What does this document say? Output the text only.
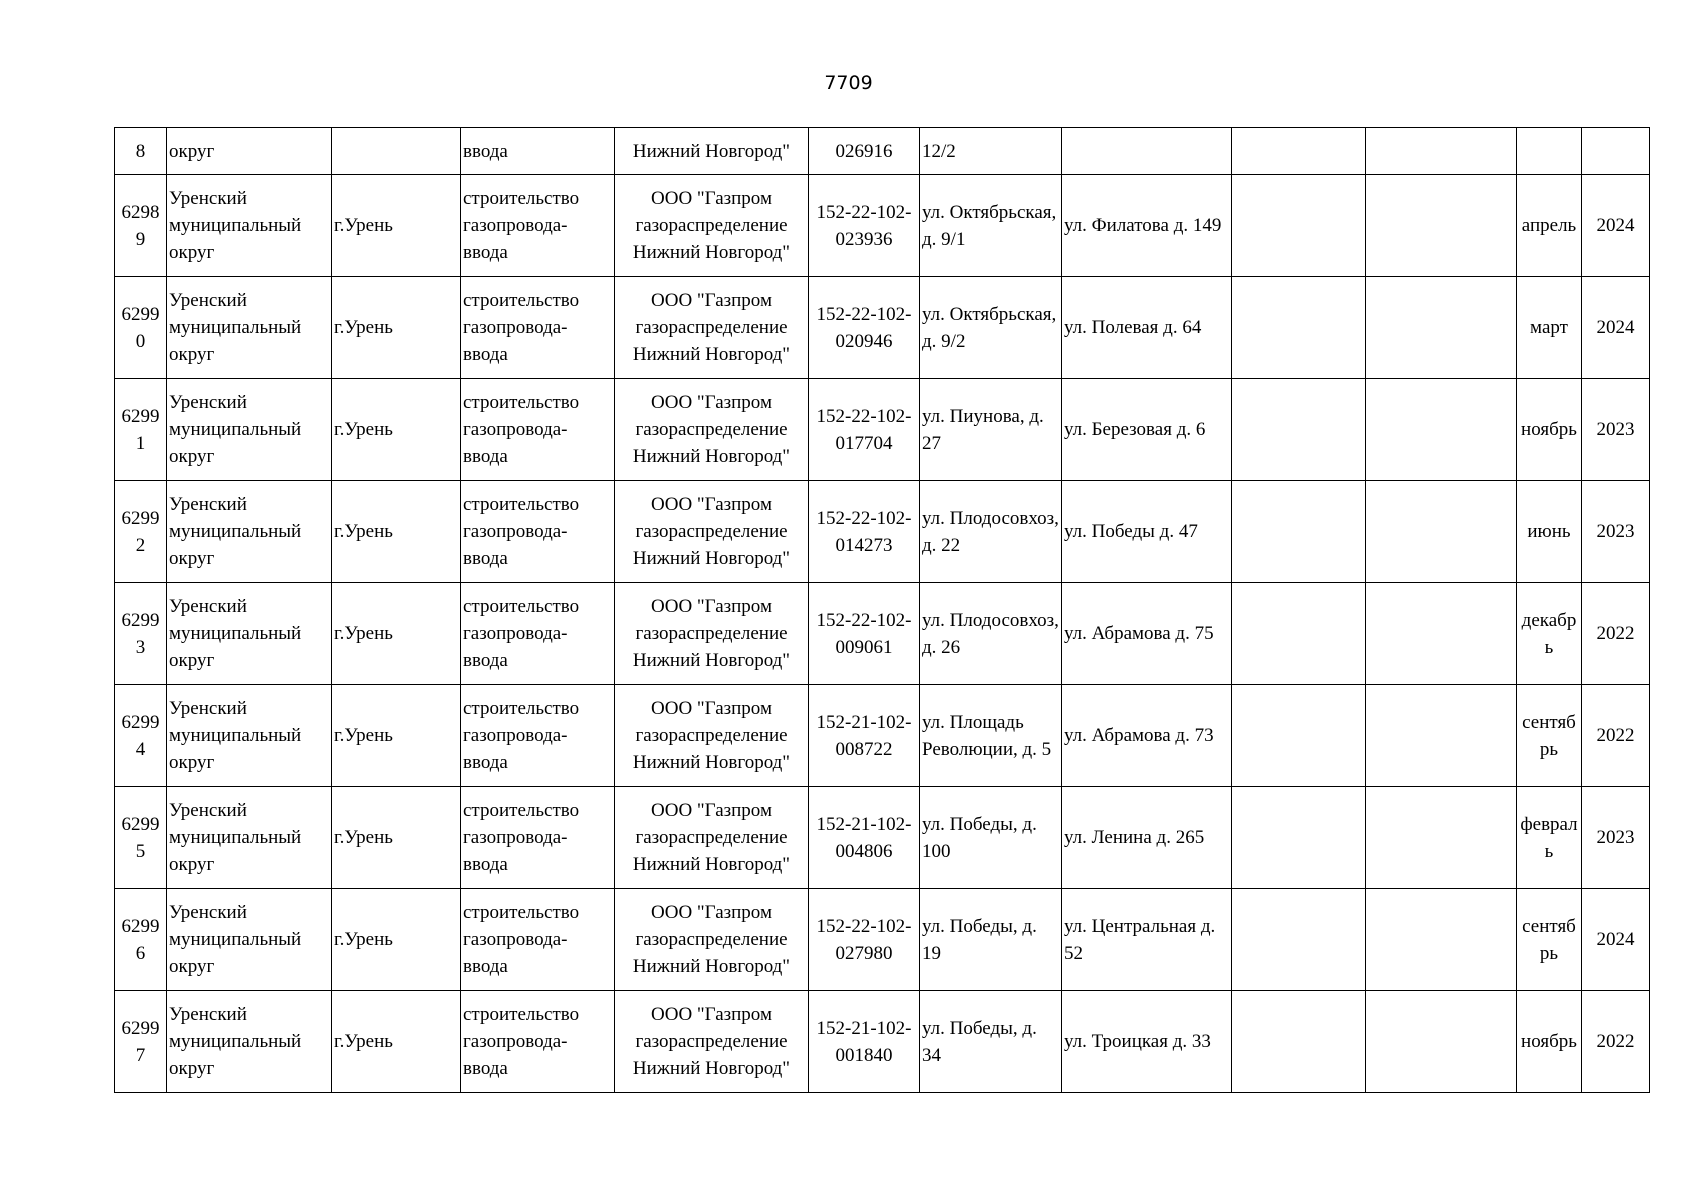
7709
8	округ		ввода	Нижний Новгород"	026916	12/2					
62989	Уренский муниципальный округ	г.Урень	строительство газопровода-ввода	ООО "Газпром газораспределение Нижний Новгород"	152-22-102-023936	ул. Октябрьская, д. 9/1	ул. Филатова д. 149			апрель	2024
62990	Уренский муниципальный округ	г.Урень	строительство газопровода-ввода	ООО "Газпром газораспределение Нижний Новгород"	152-22-102-020946	ул. Октябрьская, д. 9/2	ул. Полевая д. 64			март	2024
62991	Уренский муниципальный округ	г.Урень	строительство газопровода-ввода	ООО "Газпром газораспределение Нижний Новгород"	152-22-102-017704	ул. Пиунова, д. 27	ул. Березовая д. 6			ноябрь	2023
62992	Уренский муниципальный округ	г.Урень	строительство газопровода-ввода	ООО "Газпром газораспределение Нижний Новгород"	152-22-102-014273	ул. Плодосовхоз, д. 22	ул. Победы д. 47			июнь	2023
62993	Уренский муниципальный округ	г.Урень	строительство газопровода-ввода	ООО "Газпром газораспределение Нижний Новгород"	152-22-102-009061	ул. Плодосовхоз, д. 26	ул. Абрамова д. 75			декабрь	2022
62994	Уренский муниципальный округ	г.Урень	строительство газопровода-ввода	ООО "Газпром газораспределение Нижний Новгород"	152-21-102-008722	ул. Площадь Революции, д. 5	ул. Абрамова д. 73			сентябрь	2022
62995	Уренский муниципальный округ	г.Урень	строительство газопровода-ввода	ООО "Газпром газораспределение Нижний Новгород"	152-21-102-004806	ул. Победы, д. 100	ул. Ленина д. 265			февраль	2023
62996	Уренский муниципальный округ	г.Урень	строительство газопровода-ввода	ООО "Газпром газораспределение Нижний Новгород"	152-22-102-027980	ул. Победы, д. 19	ул. Центральная д. 52			сентябрь	2024
62997	Уренский муниципальный округ	г.Урень	строительство газопровода-ввода	ООО "Газпром газораспределение Нижний Новгород"	152-21-102-001840	ул. Победы, д. 34	ул. Троицкая д. 33			ноябрь	2022
